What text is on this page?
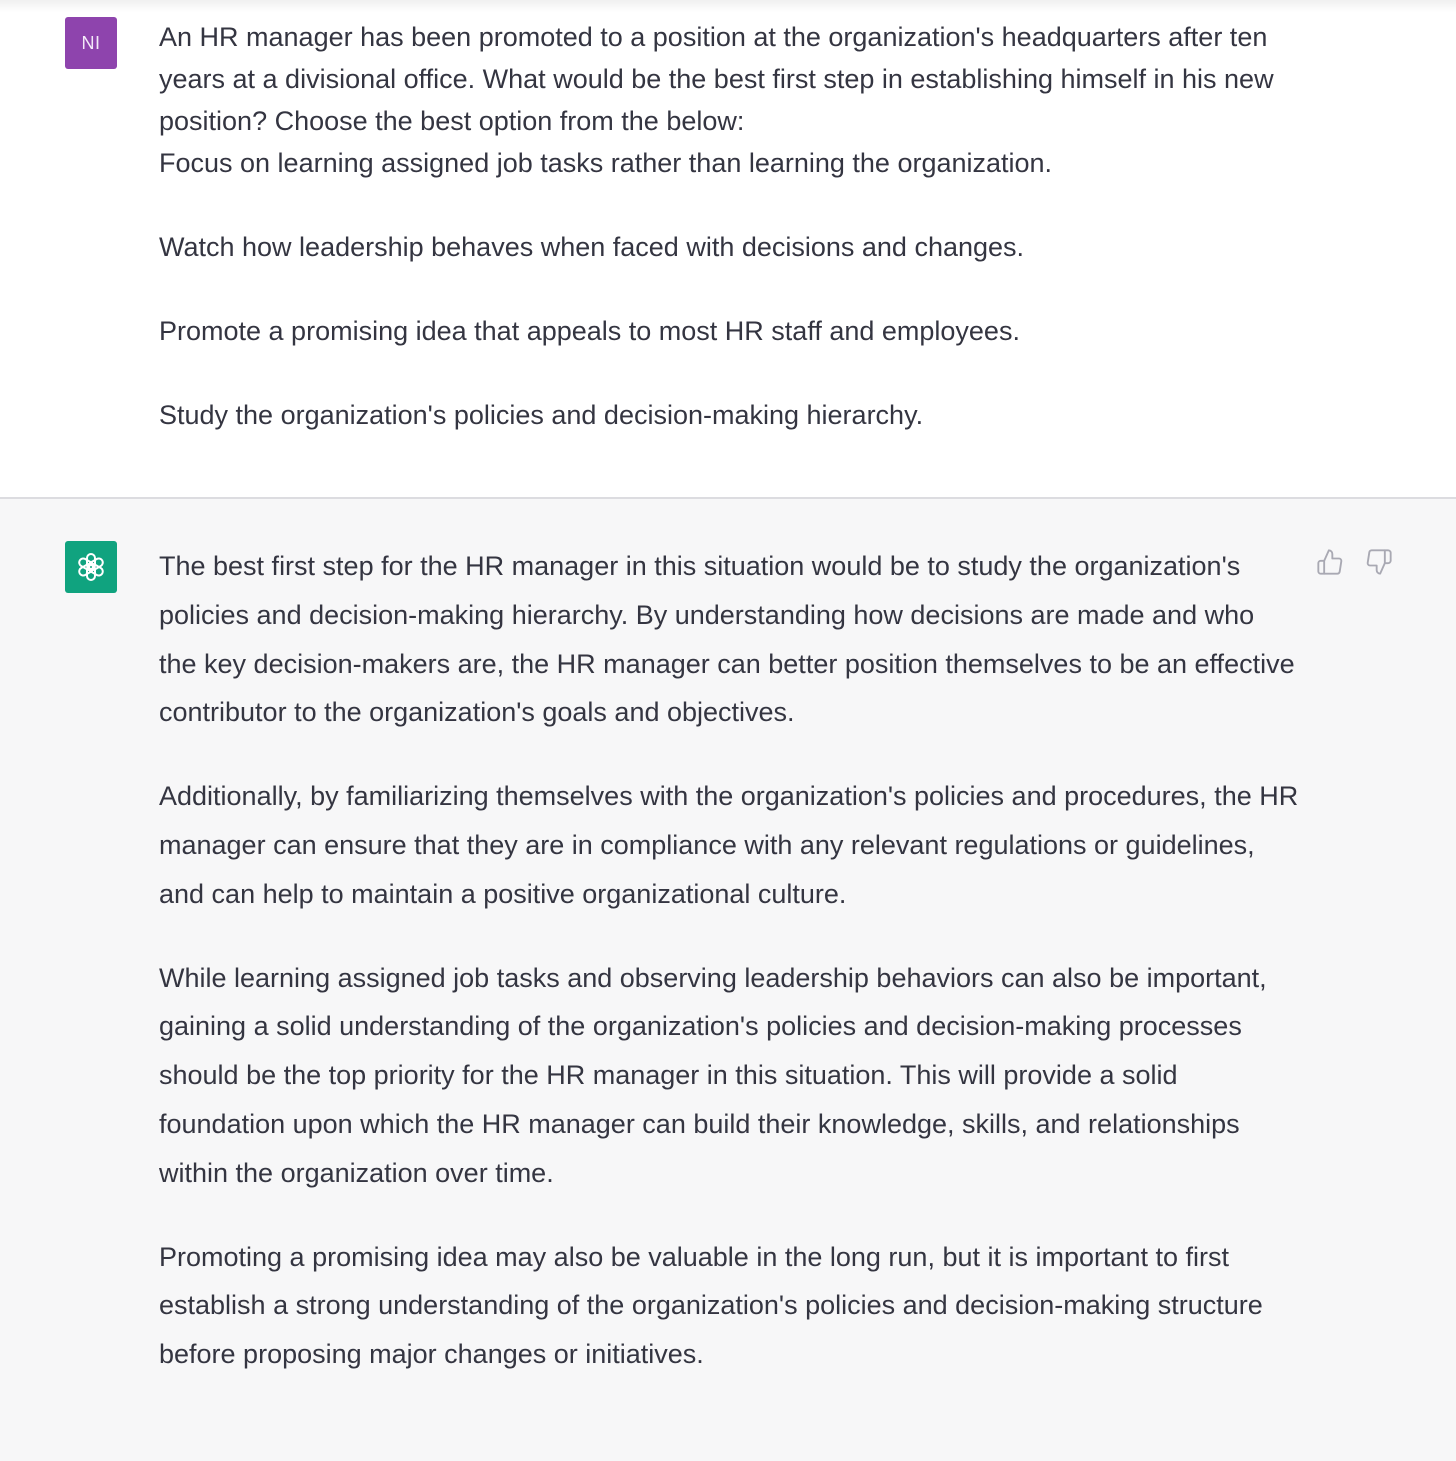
NI An HR manager has been promoted to a position at the organization's headquarters after ten years at a divisional office. What would be the best first step in establishing himself in his new position? Choose the best option from the below:

Focus on learning assigned job tasks rather than learning the organization.

Watch how leadership behaves when faced with decisions and changes.

Promote a promising idea that appeals to most HR staff and employees.

Study the organization's policies and decision-making hierarchy.

The best first step for the HR manager in this situation would be to study the organization's policies and decision-making hierarchy. By understanding how decisions are made and who the key decision-makers are, the HR manager can better position themselves to be an effective contributor to the organization's goals and objectives.

Additionally, by familiarizing themselves with the organization's policies and procedures, the HR manager can ensure that they are in compliance with any relevant regulations or guidelines, and can help to maintain a positive organizational culture.

While learning assigned job tasks and observing leadership behaviors can also be important, gaining a solid understanding of the organization's policies and decision-making processes should be the top priority for the HR manager in this situation. This will provide a solid foundation upon which the HR manager can build their knowledge, skills, and relationships within the organization over time.

Promoting a promising idea may also be valuable in the long run, but it is important to first establish a strong understanding of the organization's policies and decision-making structure before proposing major changes or initiatives.
